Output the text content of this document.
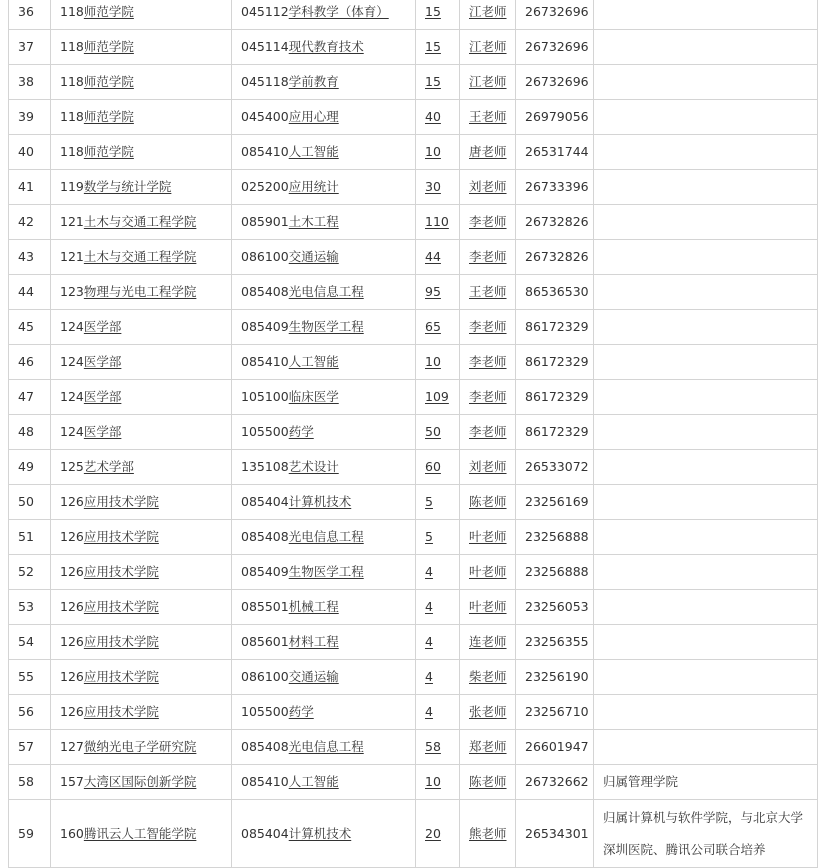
36	118师范学院	045112学科教学（体育）	15	江老师	26732696	
37	118师范学院	045114现代教育技术	15	江老师	26732696	
38	118师范学院	045118学前教育	15	江老师	26732696	
39	118师范学院	045400应用心理	40	王老师	26979056	
40	118师范学院	085410人工智能	10	唐老师	26531744	
41	119数学与统计学院	025200应用统计	30	刘老师	26733396	
42	121土木与交通工程学院	085901土木工程	110	李老师	26732826	
43	121土木与交通工程学院	086100交通运输	44	李老师	26732826	
44	123物理与光电工程学院	085408光电信息工程	95	王老师	86536530	
45	124医学部	085409生物医学工程	65	李老师	86172329	
46	124医学部	085410人工智能	10	李老师	86172329	
47	124医学部	105100临床医学	109	李老师	86172329	
48	124医学部	105500药学	50	李老师	86172329	
49	125艺术学部	135108艺术设计	60	刘老师	26533072	
50	126应用技术学院	085404计算机技术	5	陈老师	23256169	
51	126应用技术学院	085408光电信息工程	5	叶老师	23256888	
52	126应用技术学院	085409生物医学工程	4	叶老师	23256888	
53	126应用技术学院	085501机械工程	4	叶老师	23256053	
54	126应用技术学院	085601材料工程	4	连老师	23256355	
55	126应用技术学院	086100交通运输	4	柴老师	23256190	
56	126应用技术学院	105500药学	4	张老师	23256710	
57	127微纳光电子学研究院	085408光电信息工程	58	郑老师	26601947	
58	157大湾区国际创新学院	085410人工智能	10	陈老师	26732662	归属管理学院
59	160腾讯云人工智能学院	085404计算机技术	20	熊老师	26534301	归属计算机与软件学院，与北京大学深圳医院、腾讯公司联合培养
